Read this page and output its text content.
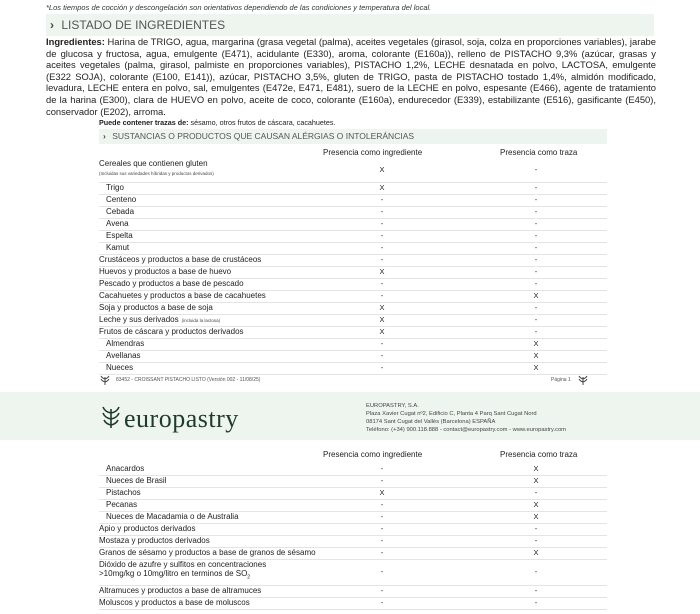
*Los tiempos de cocción y descongelación son orientativos dependiendo de las condiciones y temperatura del local.
› LISTADO DE INGREDIENTES
Ingredientes: Harina de TRIGO, agua, margarina (grasa vegetal (palma), aceites vegetales (girasol, soja, colza en proporciones variables), jarabe de glucosa y fructosa, agua, emulgente (E471), acidulante (E330), aroma, colorante (E160a)), relleno de PISTACHO 9,3% (azúcar, grasas y aceites vegetales (palma, girasol, palmiste en proporciones variables), PISTACHO 1,2%, LECHE desnatada en polvo, LACTOSA, emulgente (E322 SOJA), colorante (E100, E141)), azúcar, PISTACHO 3,5%, gluten de TRIGO, pasta de PISTACHO tostado 1,4%, almidón modificado, levadura, LECHE entera en polvo, sal, emulgentes (E472e, E471, E481), suero de la LECHE en polvo, espesante (E466), agente de tratamiento de la harina (E300), clara de HUEVO en polvo, aceite de coco, colorante (E160a), endurecedor (E339), estabilizante (E516), gasificante (E450), conservador (E202), arroma.
Puede contener trazas de: sésamo, otros frutos de cáscara, cacahuetes.
› SUSTANCIAS O PRODUCTOS QUE CAUSAN ALÉRGIAS O INTOLERÁNCIAS
Presencia como ingrediente	Presencia como traza
Cereales que contienen gluten
(Incluidas sus variedades híbridas y productos derivados)	X	-
Trigo	X	-
Centeno	-	-
Cebada	-	-
Avena	-	-
Espelta	-	-
Kamut	-	-
Crustáceos y productos a base de crustáceos	-	-
Huevos y productos a base de huevo	X	-
Pescado y productos a base de pescado	-	-
Cacahuetes y productos a base de cacahuetes	-	X
Soja y productos a base de soja	X	-
Leche y sus derivados (incluida la lactosa)	X	-
Frutos de cáscara y productos derivados	X	-
Almendras	-	X
Avellanas	-	X
Nueces	-	X
83452 - CROISSANT PISTACHO LISTO (Versión 002 - 11/08/25)	Página 1
europastry	EUROPASTRY, S.A.
Plaza Xavier Cugat nº2, Edificio C, Planta 4 Parq Sant Cugat Nord
08174 Sant Cugat del Vallès (Barcelona) ESPAÑA
Teléfono: (+34) 900.118.888 - contact@europastry.com - www.europastry.com
Presencia como ingrediente	Presencia como traza
Anacardos	-	X
Nueces de Brasil	-	X
Pistachos	X	-
Pecanas	-	X
Nueces de Macadamia o de Australia	-	X
Apio y productos derivados	-	-
Mostaza y productos derivados	-	-
Granos de sésamo y productos a base de granos de sésamo	-	X
Dióxido de azufre y sulfitos en concentraciones
>10mg/kg o 10mg/litro en terminos de $SO_2$
-	-
Altramuces y productos a base de altramuces	-	-
Moluscos y productos a base de moluscos	-	-
